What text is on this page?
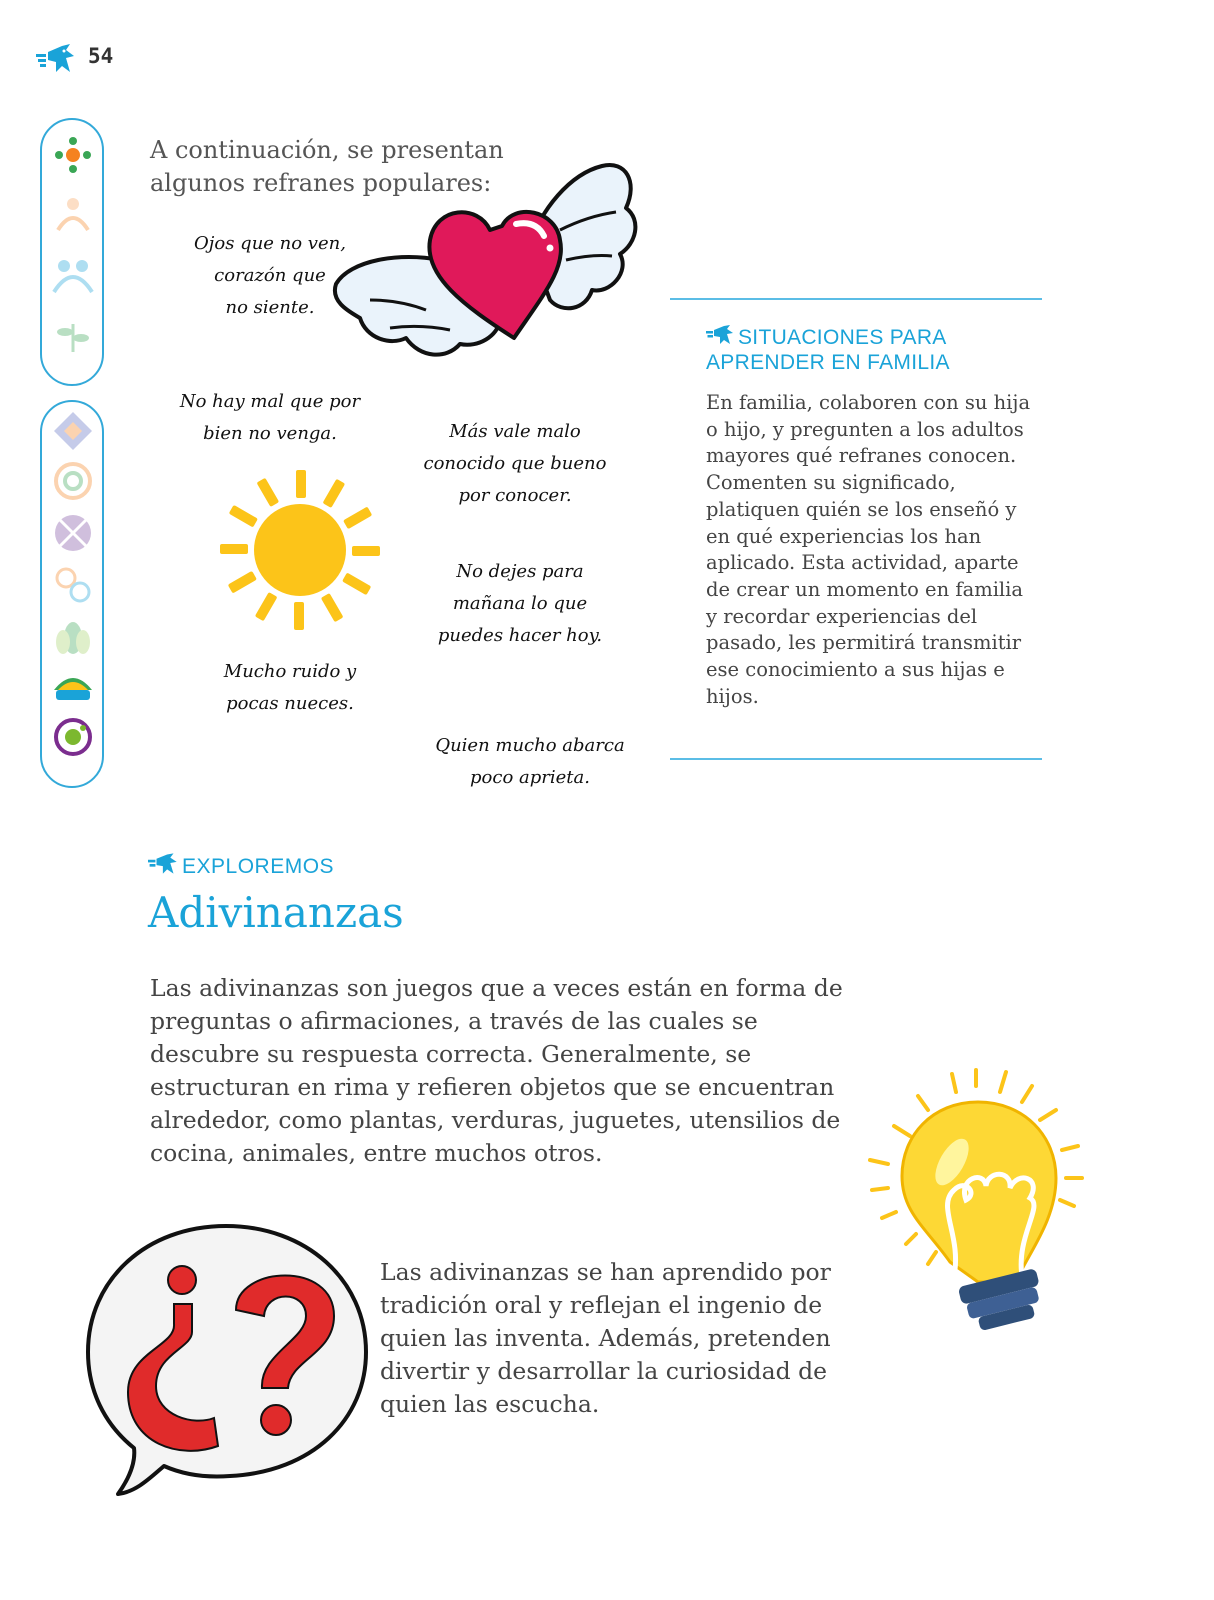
54
A continuación, se presentan algunos refranes populares:
Ojos que no ven,
corazón que
no siente.
No hay mal que por
bien no venga.	Más vale malo
conocido que bueno
por conocer.
No dejes para
mañana lo que
puedes hacer hoy.
Mucho ruido y
pocas nueces.
Quien mucho abarca
poco aprieta.
SITUACIONES PARA APRENDER EN FAMILIA
En familia, colaboren con su hija o hijo, y pregunten a los adultos mayores qué refranes conocen. Comenten su significado, platiquen quién se los enseñó y en qué experiencias los han aplicado. Esta actividad, aparte de crear un momento en familia y recordar experiencias del pasado, les permitirá transmitir ese conocimiento a sus hijas e hijos.
EXPLOREMOS
Adivinanzas
Las adivinanzas son juegos que a veces están en forma de preguntas o afirmaciones, a través de las cuales se descubre su respuesta correcta. Generalmente, se estructuran en rima y refieren objetos que se encuentran alrededor, como plantas, verduras, juguetes, utensilios de cocina, animales, entre muchos otros.
Las adivinanzas se han aprendido por tradición oral y reflejan el ingenio de quien las inventa. Además, pretenden divertir y desarrollar la curiosidad de quien las escucha.
